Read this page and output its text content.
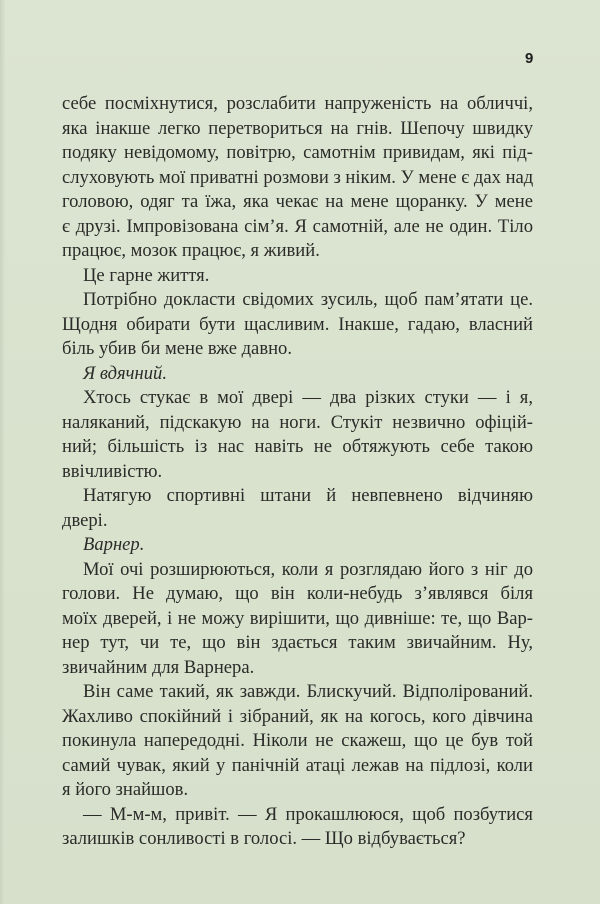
9
себе посміхнутися, розслабити напруженість на обличчі,
яка інакше легко перетвориться на гнів. Шепочу швидку
подяку невідомому, повітрю, самотнім привидам, які під-
слуховують мої приватні розмови з ніким. У мене є дах над
головою, одяг та їжа, яка чекає на мене щоранку. У мене
є друзі. Імпровізована сім’я. Я самотній, але не один. Тіло
працює, мозок працює, я живий.
Це гарне життя.
Потрібно докласти свідомих зусиль, щоб пам’ятати це.
Щодня обирати бути щасливим. Інакше, гадаю, власний
біль убив би мене вже давно.
Я вдячний.
Хтось стукає в мої двері — два різких стуки — і я,
наляканий, підскакую на ноги. Стукіт незвично офіцій-
ний; більшість із нас навіть не обтяжують себе такою
ввічливістю.
Натягую спортивні штани й невпевнено відчиняю
двері.
Варнер.
Мої очі розширюються, коли я розглядаю його з ніг до
голови. Не думаю, що він коли-небудь з’являвся біля
моїх дверей, і не можу вирішити, що дивніше: те, що Вар-
нер тут, чи те, що він здається таким звичайним. Ну,
звичайним для Варнера.
Він саме такий, як завжди. Блискучий. Відполірований.
Жахливо спокійний і зібраний, як на когось, кого дівчина
покинула напередодні. Ніколи не скажеш, що це був той
самий чувак, який у панічній атаці лежав на підлозі, коли
я його знайшов.
— М-м-м, привіт. — Я прокашлююся, щоб позбутися
залишків сонливості в голосі. — Що відбувається?
